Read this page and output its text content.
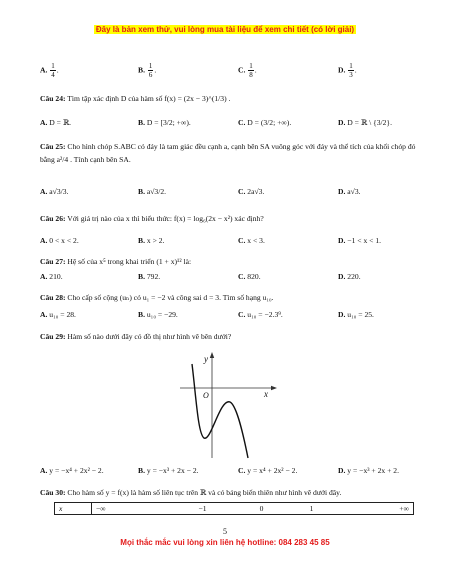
Đây là bản xem thử, vui lòng mua tài liệu để xem chi tiết (có lời giải)
A. $\frac{1}{4}$ .	B. $\frac{1}{6}$ .	C. $\frac{1}{8}$ .	D. $\frac{1}{3}$ .
Câu 24: Tìm tập xác định D của hàm số f(x) = (2x − 3)^(1/3) .
A. D = ℝ.	B. D = [3/2; +∞).	C. D = (3/2; +∞).	D. D = ℝ \ {3/2}.
Câu 25: Cho hình chóp S.ABC có đáy là tam giác đều cạnh a, cạnh bên SA vuông góc với đáy và thể tích của khối chóp đó bằng a²/4 . Tính cạnh bên SA.
A. a√3/3.	B. a√3/2.	C. 2a√3.	D. a√3.
Câu 26: Với giá trị nào của x thì biểu thức: f(x) = log₆(2x − x²) xác định?
A. 0 < x < 2.	B. x > 2.	C. x < 3.	D. −1 < x < 1.
Câu 27: Hệ số của x⁵ trong khai triển (1 + x)¹² là:
A. 210.	B. 792.	C. 820.	D. 220.
Câu 28: Cho cấp số cộng (uₙ) có u₁ = −2 và công sai d = 3. Tìm số hạng u₁₀.
A. u₁₀ = 28.	B. u₁₀ = −29.	C. u₁₀ = −2.3⁹.	D. u₁₀ = 25.
Câu 29: Hàm số nào dưới đây có đồ thị như hình vẽ bên dưới?
y
x
O
A. y = −x⁴ + 2x² − 2.	B. y = −x³ + 2x − 2.	C. y = x⁴ + 2x² − 2.	D. y = −x³ + 2x + 2.
Câu 30: Cho hàm số y = f(x) là hàm số liên tục trên ℝ và có bảng biến thiên như hình vẽ dưới đây.
x	−∞	−1	0	1	+∞
5
Mọi thắc mắc vui lòng xin liên hệ hotline: 084 283 45 85
